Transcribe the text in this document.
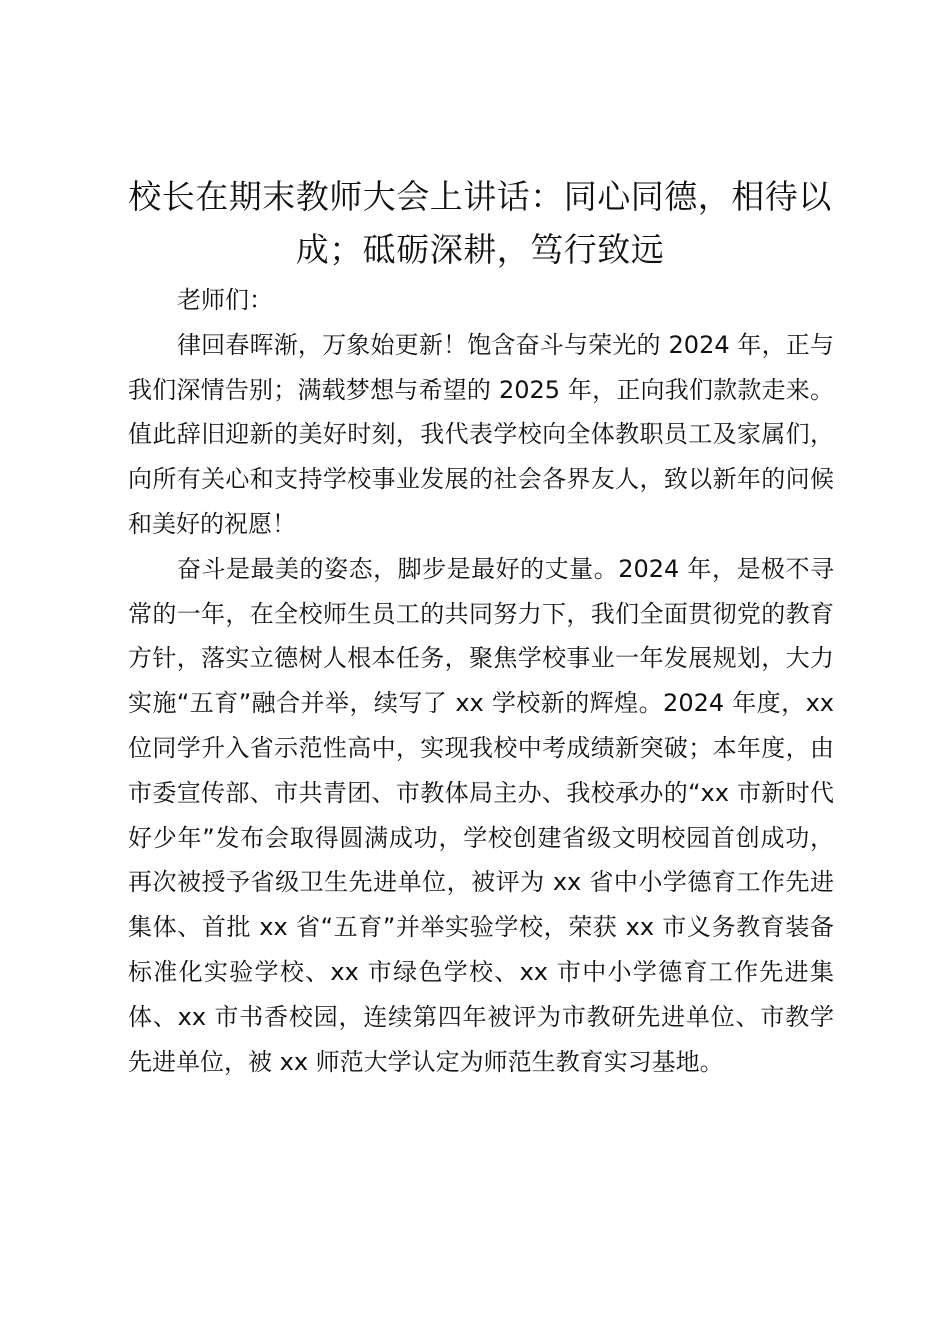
校长在期末教师大会上讲话：同心同德，相待以成；砥砺深耕，笃行致远

老师们：

律回春晖渐，万象始更新！饱含奋斗与荣光的 2024 年，正与我们深情告别；满载梦想与希望的 2025 年，正向我们款款走来。值此辞旧迎新的美好时刻，我代表学校向全体教职员工及家属们，向所有关心和支持学校事业发展的社会各界友人，致以新年的问候和美好的祝愿！

奋斗是最美的姿态，脚步是最好的丈量。2024 年，是极不寻常的一年，在全校师生员工的共同努力下，我们全面贯彻党的教育方针，落实立德树人根本任务，聚焦学校事业一年发展规划，大力实施“五育”融合并举，续写了 xx 学校新的辉煌。2024 年度，xx 位同学升入省示范性高中，实现我校中考成绩新突破；本年度，由市委宣传部、市共青团、市教体局主办、我校承办的“xx 市新时代好少年”发布会取得圆满成功，学校创建省级文明校园首创成功，再次被授予省级卫生先进单位，被评为 xx 省中小学德育工作先进集体、首批 xx 省“五育”并举实验学校，荣获 xx 市义务教育装备标准化实验学校、xx 市绿色学校、xx 市中小学德育工作先进集体、xx 市书香校园，连续第四年被评为市教研先进单位、市教学先进单位，被 xx 师范大学认定为师范生教育实习基地。
